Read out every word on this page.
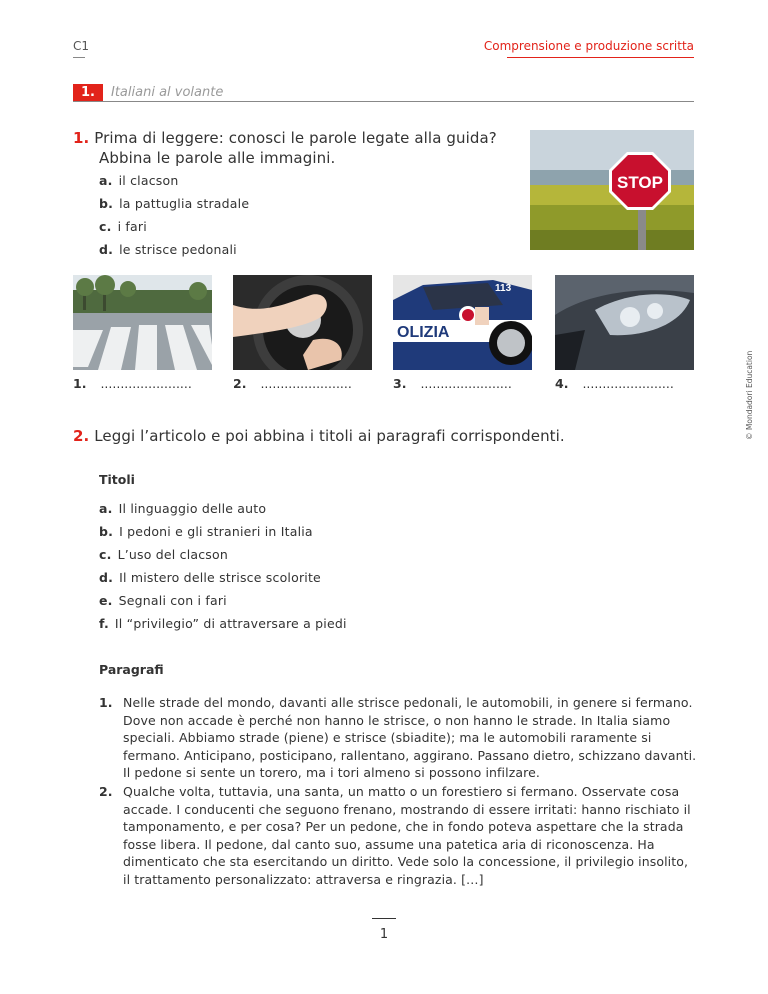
C1	Comprensione e produzione scritta
1.	Italiani al volante
1. Prima di leggere: conosci le parole legate alla guida?
Abbina le parole alle immagini.
a. il clacson
b. la pattuglia stradale
c. i fari
d. le strisce pedonali
STOP
OLIZIA
113
1. .......................	2. .......................	3. .......................	4. .......................
2. Leggi l’articolo e poi abbina i titoli ai paragrafi corrispondenti.
Titoli
a. Il linguaggio delle auto
b. I pedoni e gli stranieri in Italia
c. L’uso del clacson
d. Il mistero delle strisce scolorite
e. Segnali con i fari
f. Il “privilegio” di attraversare a piedi
Paragrafi
1. Nelle strade del mondo, davanti alle strisce pedonali, le automobili, in genere si fermano.
Dove non accade è perché non hanno le strisce, o non hanno le strade. In Italia siamo
speciali. Abbiamo strade (piene) e strisce (sbiadite); ma le automobili raramente si
fermano. Anticipano, posticipano, rallentano, aggirano. Passano dietro, schizzano davanti.
Il pedone si sente un torero, ma i tori almeno si possono infilzare.

2. Qualche volta, tuttavia, una santa, un matto o un forestiero si fermano. Osservate cosa
accade. I conducenti che seguono frenano, mostrando di essere irritati: hanno rischiato il
tamponamento, e per cosa? Per un pedone, che in fondo poteva aspettare che la strada
fosse libera. Il pedone, dal canto suo, assume una patetica aria di riconoscenza. Ha
dimenticato che sta esercitando un diritto. Vede solo la concessione, il privilegio insolito,
il trattamento personalizzato: attraversa e ringrazia. […]

© Mondadori Education
1
